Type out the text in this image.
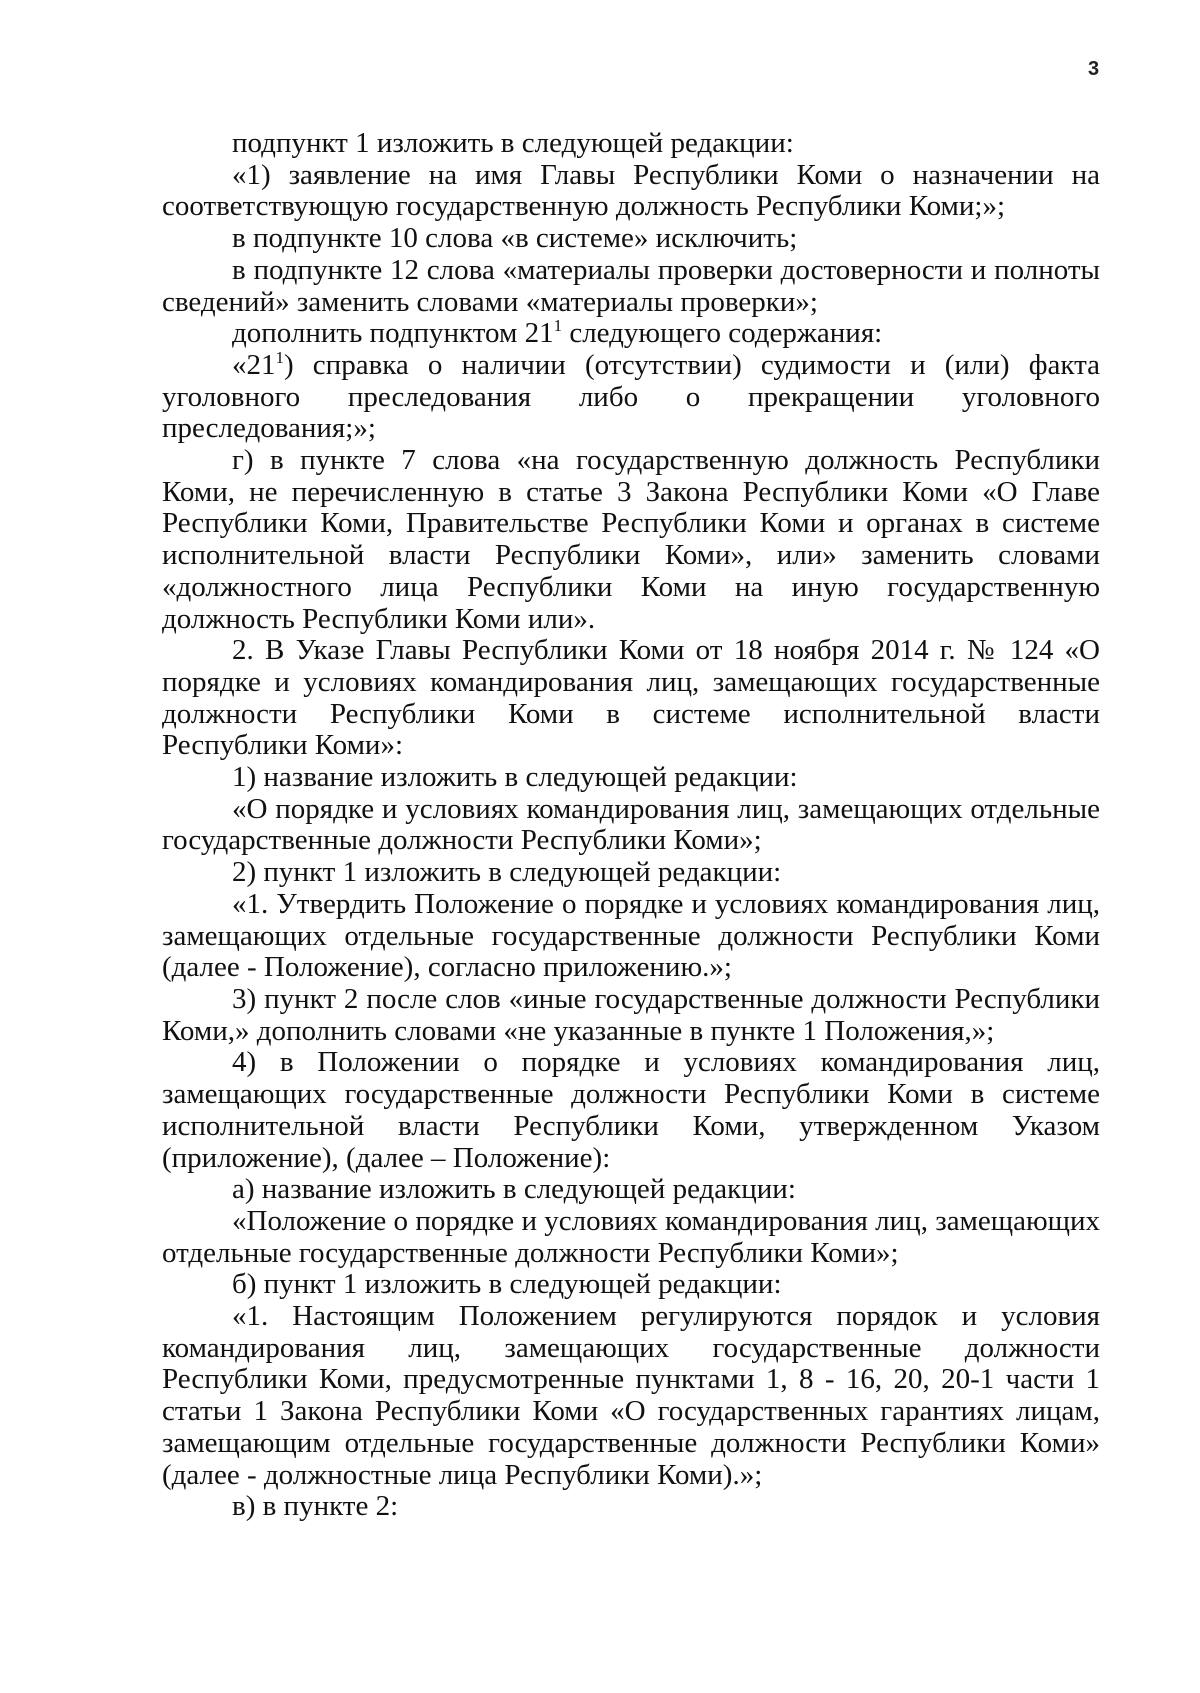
3

подпункт 1 изложить в следующей редакции:

«1) заявление на имя Главы Республики Коми о назначении на соответствующую государственную должность Республики Коми;»;

в подпункте 10 слова «в системе» исключить;

в подпункте 12 слова «материалы проверки достоверности и полноты сведений» заменить словами «материалы проверки»;

дополнить подпунктом $21^1$ следующего содержания:

«$21^1$) справка о наличии (отсутствии) судимости и (или) факта уголовного преследования либо о прекращении уголовного преследования;»;

г) в пункте 7 слова «на государственную должность Республики Коми, не перечисленную в статье 3 Закона Республики Коми «О Главе Республики Коми, Правительстве Республики Коми и органах в системе исполнительной власти Республики Коми», или» заменить словами «должностного лица Республики Коми на иную государственную должность Республики Коми или».

2. В Указе Главы Республики Коми от 18 ноября 2014 г. № 124 «О порядке и условиях командирования лиц, замещающих государственные должности Республики Коми в системе исполнительной власти Республики Коми»:

1) название изложить в следующей редакции:

«О порядке и условиях командирования лиц, замещающих отдельные государственные должности Республики Коми»;

2) пункт 1 изложить в следующей редакции:

«1. Утвердить Положение о порядке и условиях командирования лиц, замещающих отдельные государственные должности Республики Коми (далее - Положение), согласно приложению.»;

3) пункт 2 после слов «иные государственные должности Республики Коми,» дополнить словами «не указанные в пункте 1 Положения,»;

4) в Положении о порядке и условиях командирования лиц, замещающих государственные должности Республики Коми в системе исполнительной власти Республики Коми, утвержденном Указом (приложение), (далее – Положение):

а) название изложить в следующей редакции:

«Положение о порядке и условиях командирования лиц, замещающих отдельные государственные должности Республики Коми»;

б) пункт 1 изложить в следующей редакции:

«1. Настоящим Положением регулируются порядок и условия командирования лиц, замещающих государственные должности Республики Коми, предусмотренные пунктами 1, 8 - 16, 20, 20-1 части 1 статьи 1 Закона Республики Коми «О государственных гарантиях лицам, замещающим отдельные государственные должности Республики Коми» (далее - должностные лица Республики Коми).»;

в) в пункте 2:
